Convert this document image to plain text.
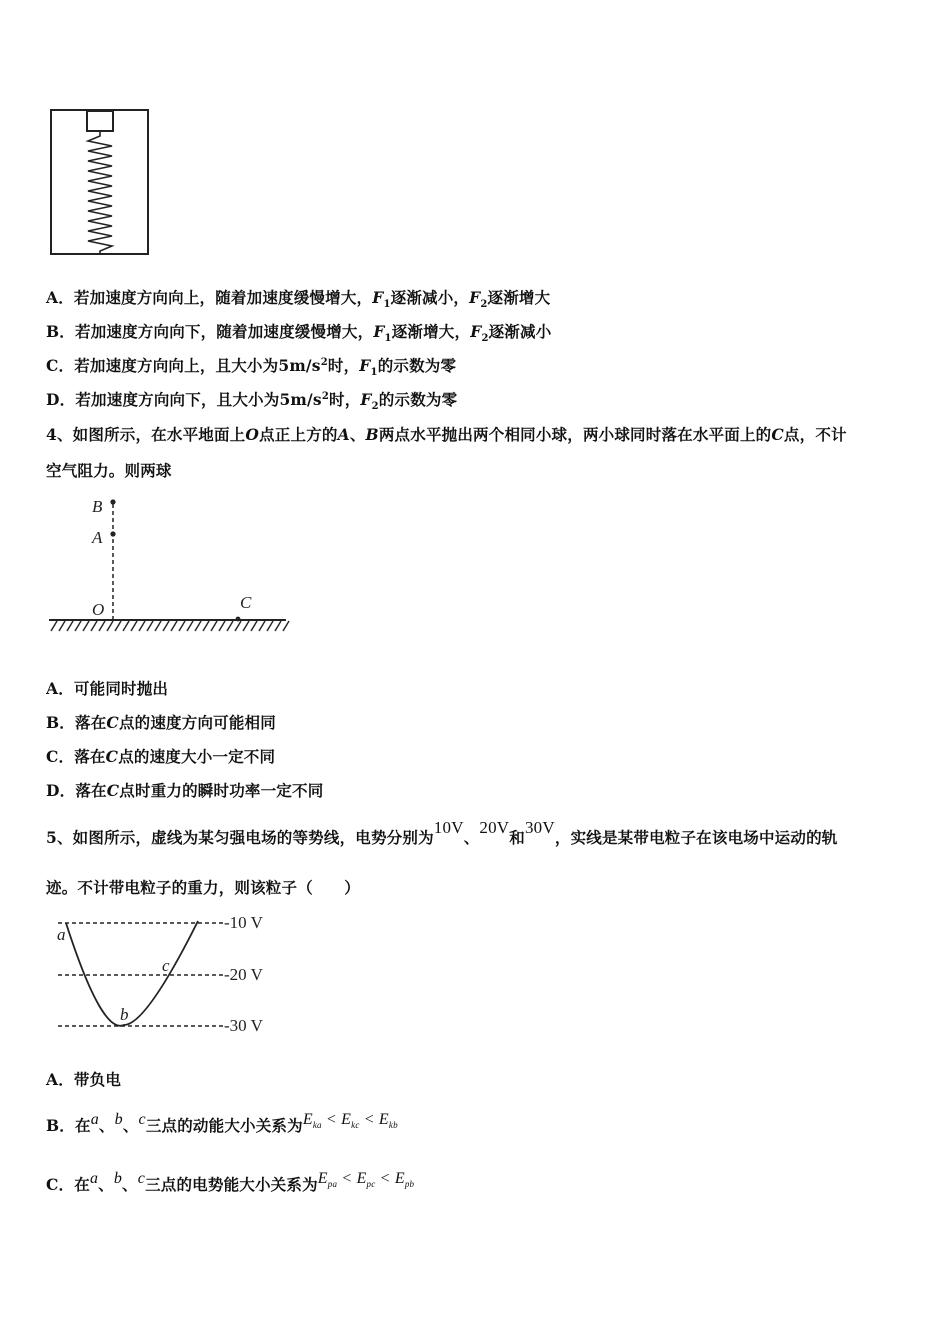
A．若加速度方向向上，随着加速度缓慢增大，$F_1$逐渐减小，$F_2$逐渐增大
B．若加速度方向向下，随着加速度缓慢增大，$F_1$逐渐增大，$F_2$逐渐减小
C．若加速度方向向上，且大小为$5m/s^2$时，$F_1$的示数为零
D．若加速度方向向下，且大小为$5m/s^2$时，$F_2$的示数为零
4、如图所示，在水平地面上O点正上方的A、B两点水平抛出两个相同小球，两小球同时落在水平面上的C点，不计
空气阻力。则两球
B
A
O	C
A．可能同时抛出
B．落在C点的速度方向可能相同
C．落在C点的速度大小一定不同
D．落在C点时重力的瞬时功率一定不同
5、如图所示，虚线为某匀强电场的等势线，电势分别为10V、20V和30V，实线是某带电粒子在该电场中运动的轨
迹。不计带电粒子的重力，则该粒子（　　）
-10 V
-20 V
-30 V
a
b
c
A．带负电
B．在a、b、c三点的动能大小关系为$E_{ka} < E_{kc} < E_{kb}$
C．在a、b、c三点的电势能大小关系为$E_{pa} < E_{pc} < E_{pb}$
